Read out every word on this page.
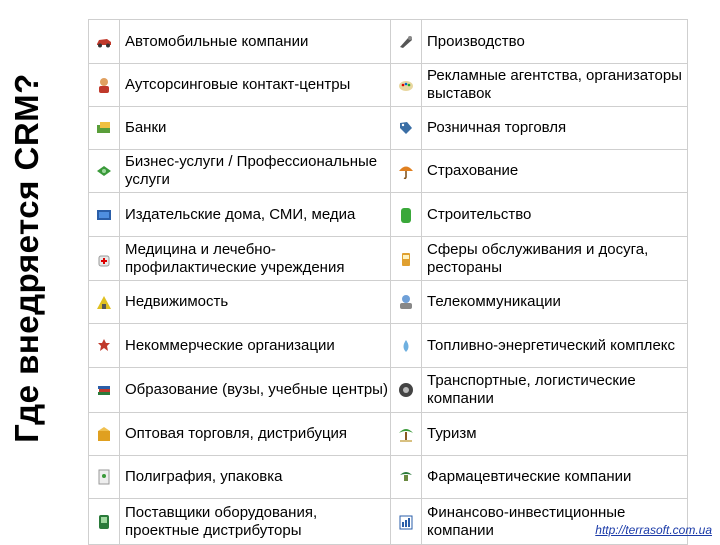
Где внедряется CRM?
	Автомобильные компании		Производство

	Аутсорсинговые контакт-центры		Рекламные агентства, организаторы выставок

	Банки		Розничная торговля

	Бизнес-услуги / Профессиональные услуги		Страхование

	Издательские дома, СМИ, медиа		Строительство

	Медицина и лечебно-профилактические учреждения		Сферы обслуживания и досуга, рестораны

	Недвижимость		Телекоммуникации

	Некоммерческие организации		Топливно-энергетический комплекс

	Образование (вузы, учебные центры)		Транспортные, логистические компании

	Оптовая торговля, дистрибуция		Туризм

	Полиграфия, упаковка		Фармацевтические компании

	Поставщики оборудования, проектные дистрибуторы		Финансово-инвестиционные компании	http://terrasoft.com.ua
